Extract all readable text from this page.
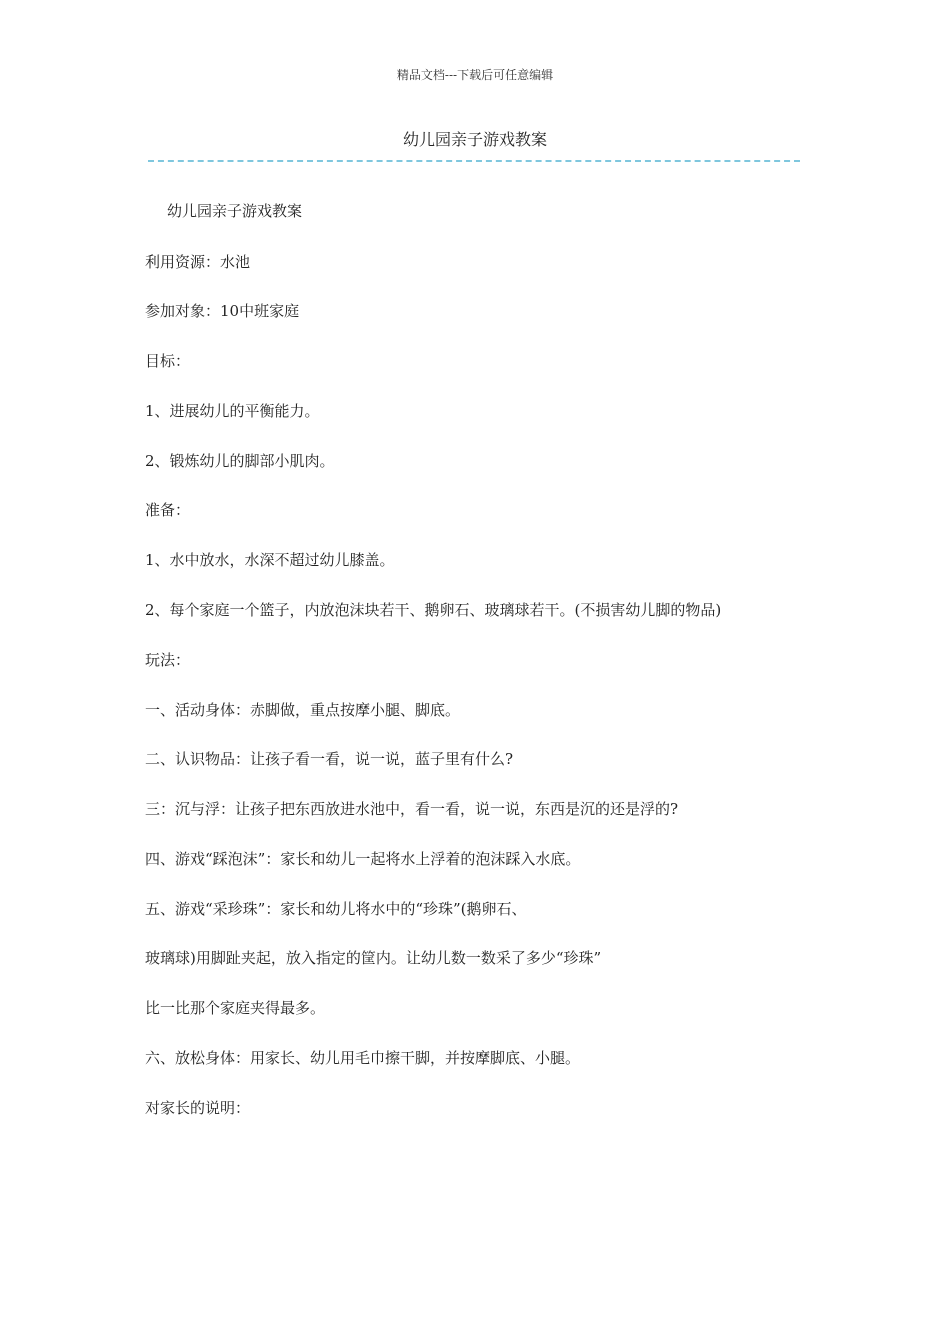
精品文档---下载后可任意编辑
幼儿园亲子游戏教案
幼儿园亲子游戏教案
利用资源：水池
参加对象：10中班家庭
目标：
1、进展幼儿的平衡能力。
2、锻炼幼儿的脚部小肌肉。
准备：
1、水中放水，水深不超过幼儿膝盖。
2、每个家庭一个篮子，内放泡沫块若干、鹅卵石、玻璃球若干。(不损害幼儿脚的物品)
玩法：
一、活动身体：赤脚做，重点按摩小腿、脚底。
二、认识物品：让孩子看一看，说一说，蓝子里有什么?
三：沉与浮：让孩子把东西放进水池中，看一看，说一说，东西是沉的还是浮的?
四、游戏“踩泡沫”：家长和幼儿一起将水上浮着的泡沫踩入水底。
五、游戏“采珍珠”：家长和幼儿将水中的“珍珠”(鹅卵石、
玻璃球)用脚趾夹起，放入指定的筐内。让幼儿数一数采了多少“珍珠”
比一比那个家庭夹得最多。
六、放松身体：用家长、幼儿用毛巾擦干脚，并按摩脚底、小腿。
对家长的说明：
